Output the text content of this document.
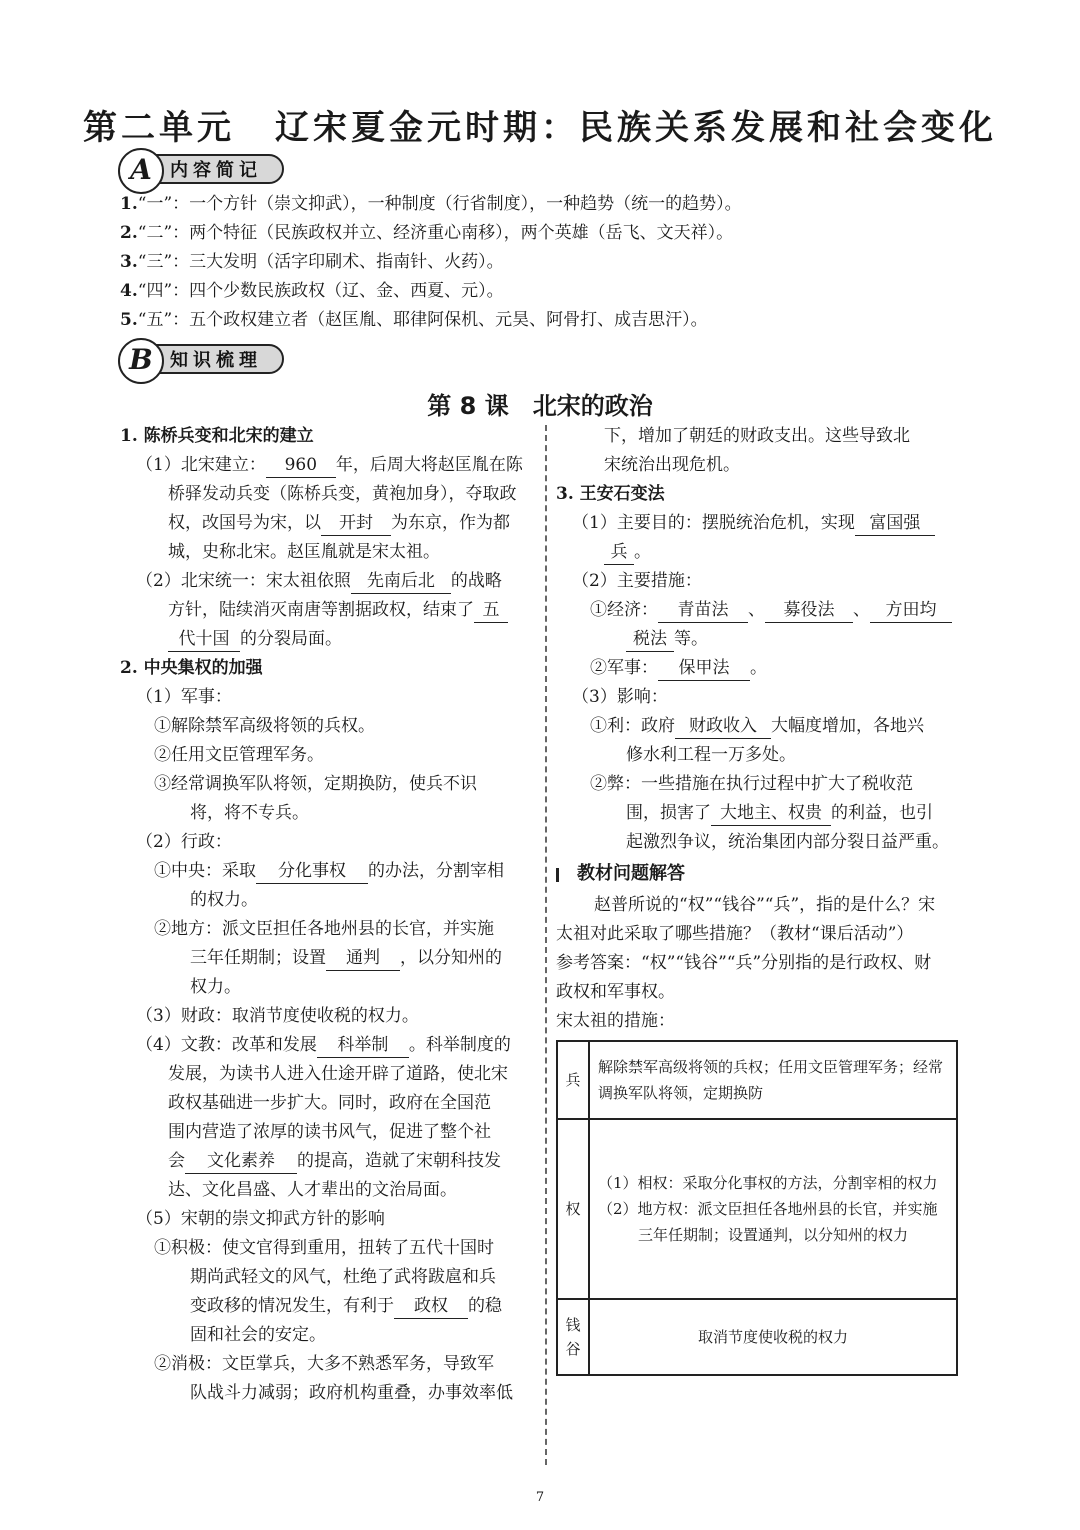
第二单元 辽宋夏金元时期：民族关系发展和社会变化
A	内容简记
1.“一”：一个方针（崇文抑武），一种制度（行省制度），一种趋势（统一的趋势）。
2.“二”：两个特征（民族政权并立、经济重心南移），两个英雄（岳飞、文天祥）。
3.“三”：三大发明（活字印刷术、指南针、火药）。
4.“四”：四个少数民族政权（辽、金、西夏、元）。
5.“五”：五个政权建立者（赵匡胤、耶律阿保机、元昊、阿骨打、成吉思汗）。
B 知识梳理
第 8 课 北宋的政治
1. 陈桥兵变和北宋的建立
（1）北宋建立： 960 年，后周大将赵匡胤在陈
桥驿发动兵变（陈桥兵变，黄袍加身），夺取政
权，改国号为宋，以 开封 为东京，作为都
城，史称北宋。赵匡胤就是宋太祖。
（2）北宋统一：宋太祖依照 先南后北 的战略
方针，陆续消灭南唐等割据政权，结束了 五
代十国 的分裂局面。
2. 中央集权的加强
（1）军事：
①解除禁军高级将领的兵权。
②任用文臣管理军务。
③经常调换军队将领，定期换防，使兵不识
将，将不专兵。
（2）行政：
①中央：采取 分化事权 的办法，分割宰相
的权力。
②地方：派文臣担任各地州县的长官，并实施
三年任期制；设置 通判 ，以分知州的
权力。
（3）财政：取消节度使收税的权力。
（4）文教：改革和发展 科举制 。科举制度的
发展，为读书人进入仕途开辟了道路，使北宋
政权基础进一步扩大。同时，政府在全国范
围内营造了浓厚的读书风气，促进了整个社
会 文化素养 的提高，造就了宋朝科技发
达、文化昌盛、人才辈出的文治局面。
（5）宋朝的崇文抑武方针的影响
①积极：使文官得到重用，扭转了五代十国时
期尚武轻文的风气，杜绝了武将跋扈和兵
变政移的情况发生，有利于 政权 的稳
固和社会的安定。
②消极：文臣掌兵，大多不熟悉军务，导致军
队战斗力减弱；政府机构重叠，办事效率低
下，增加了朝廷的财政支出。这些导致北
宋统治出现危机。
3. 王安石变法
（1）主要目的：摆脱统治危机，实现 富国强
兵 。
（2）主要措施：
①经济： 青苗法 、 募役法 、 方田均
税法 等。
②军事： 保甲法 。
（3）影响：
①利：政府 财政收入 大幅度增加，各地兴
修水利工程一万多处。
②弊：一些措施在执行过程中扩大了税收范
围，损害了 大地主、权贵 的利益，也引
起激烈争议，统治集团内部分裂日益严重。
教材问题解答
赵普所说的“权”“钱谷”“兵”，指的是什么？宋
太祖对此采取了哪些措施？（教材“课后活动”）
参考答案：“权”“钱谷”“兵”分别指的是行政权、财
政权和军事权。
宋太祖的措施：
兵	解除禁军高级将领的兵权；任用文臣管理军务；经常调换军队将领，定期换防
权	（1）相权：采取分化事权的方法，分割宰相的权力
（2）地方权：派文臣担任各地州县的长官，并实施三年任期制；设置通判，以分知州的权力

钱谷	取消节度使收税的权力
7
